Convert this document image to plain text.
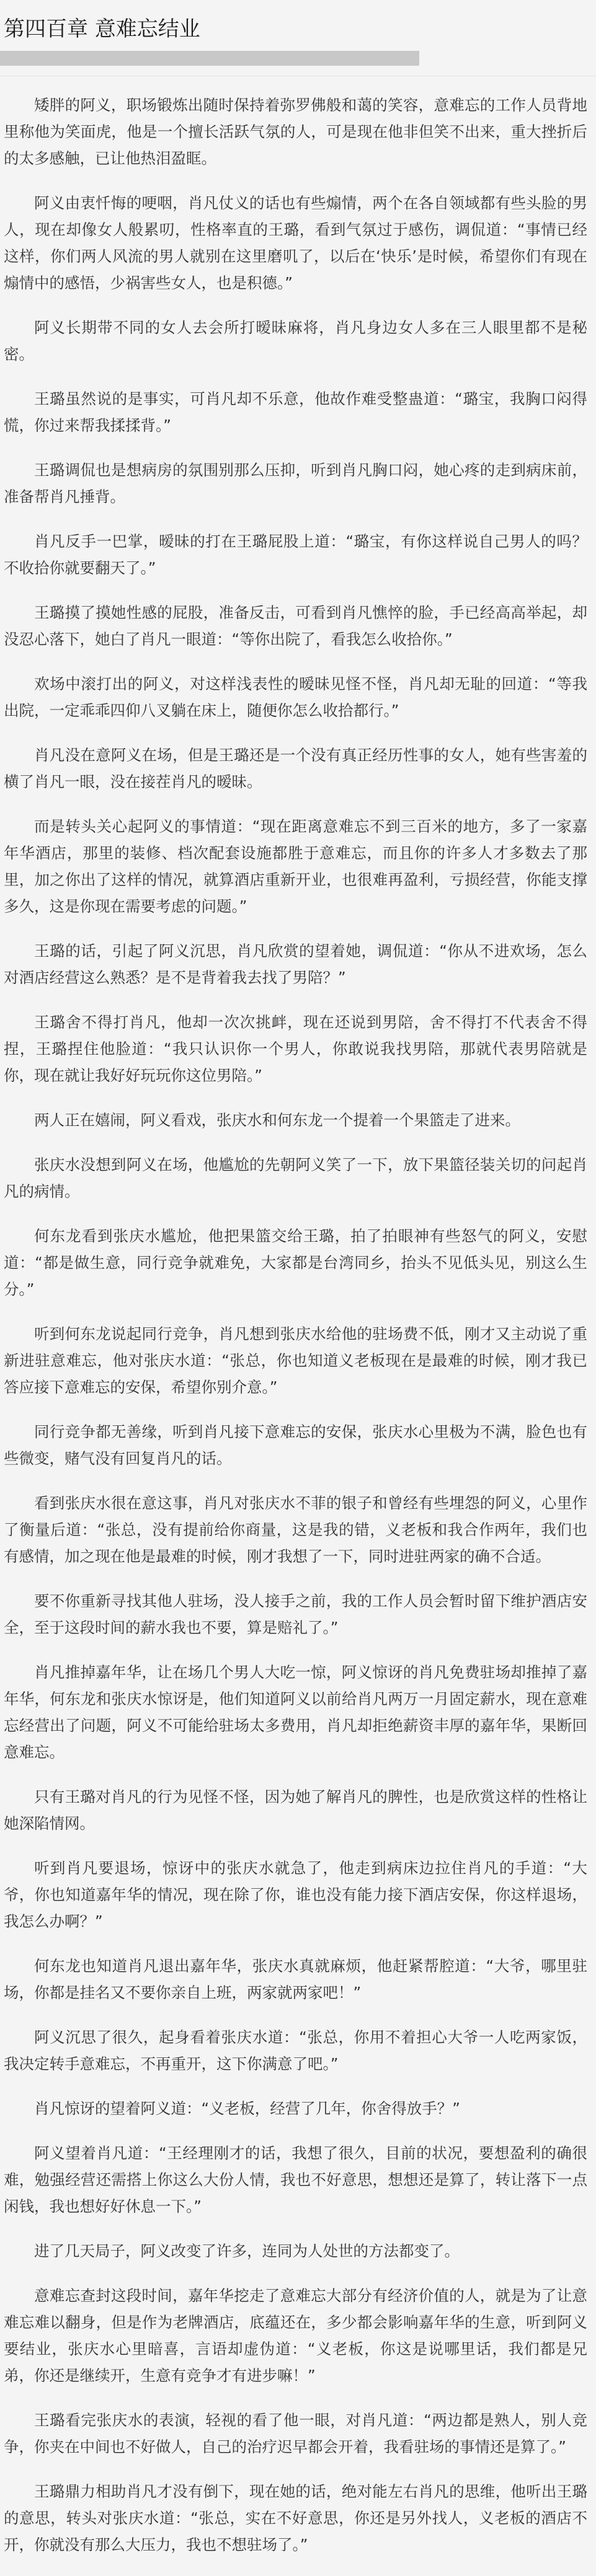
第四百章 意难忘结业

矮胖的阿义，职场锻炼出随时保持着弥罗佛般和蔼的笑容，意难忘的工作人员背地里称他为笑面虎，他是一个擅长活跃气氛的人，可是现在他非但笑不出来，重大挫折后的太多感触，已让他热泪盈眶。

阿义由衷忏悔的哽咽，肖凡仗义的话也有些煽情，两个在各自领域都有些头脸的男人，现在却像女人般累叨，性格率直的王璐，看到气氛过于感伤，调侃道：“事情已经这样，你们两人风流的男人就别在这里磨叽了，以后在‘快乐’是时候，希望你们有现在煽情中的感悟，少祸害些女人，也是积德。”

阿义长期带不同的女人去会所打暧昧麻将，肖凡身边女人多在三人眼里都不是秘密。

王璐虽然说的是事实，可肖凡却不乐意，他故作难受整蛊道：“璐宝，我胸口闷得慌，你过来帮我揉揉背。”

王璐调侃也是想病房的氛围别那么压抑，听到肖凡胸口闷，她心疼的走到病床前，准备帮肖凡捶背。

肖凡反手一巴掌，暧昧的打在王璐屁股上道：“璐宝，有你这样说自己男人的吗？不收拾你就要翻天了。”

王璐摸了摸她性感的屁股，准备反击，可看到肖凡憔悴的脸，手已经高高举起，却没忍心落下，她白了肖凡一眼道：“等你出院了，看我怎么收拾你。”

欢场中滚打出的阿义，对这样浅表性的暧昧见怪不怪，肖凡却无耻的回道：“等我出院，一定乖乖四仰八叉躺在床上，随便你怎么收拾都行。”

肖凡没在意阿义在场，但是王璐还是一个没有真正经历性事的女人，她有些害羞的横了肖凡一眼，没在接茬肖凡的暧昧。

而是转头关心起阿义的事情道：“现在距离意难忘不到三百米的地方，多了一家嘉年华酒店，那里的装修、档次配套设施都胜于意难忘，而且你的许多人才多数去了那里，加之你出了这样的情况，就算酒店重新开业，也很难再盈利，亏损经营，你能支撑多久，这是你现在需要考虑的问题。”

王璐的话，引起了阿义沉思，肖凡欣赏的望着她，调侃道：“你从不进欢场，怎么对酒店经营这么熟悉？是不是背着我去找了男陪？”

王璐舍不得打肖凡，他却一次次挑衅，现在还说到男陪，舍不得打不代表舍不得捏，王璐捏住他脸道：“我只认识你一个男人，你敢说我找男陪，那就代表男陪就是你，现在就让我好好玩玩你这位男陪。”

两人正在嬉闹，阿义看戏，张庆水和何东龙一个提着一个果篮走了进来。

张庆水没想到阿义在场，他尴尬的先朝阿义笑了一下，放下果篮径装关切的问起肖凡的病情。

何东龙看到张庆水尴尬，他把果篮交给王璐，拍了拍眼神有些怒气的阿义，安慰道：“都是做生意，同行竞争就难免，大家都是台湾同乡，抬头不见低头见，别这么生分。”

听到何东龙说起同行竞争，肖凡想到张庆水给他的驻场费不低，刚才又主动说了重新进驻意难忘，他对张庆水道：“张总，你也知道义老板现在是最难的时候，刚才我已答应接下意难忘的安保，希望你别介意。”

同行竞争都无善缘，听到肖凡接下意难忘的安保，张庆水心里极为不满，脸色也有些微变，赌气没有回复肖凡的话。

看到张庆水很在意这事，肖凡对张庆水不菲的银子和曾经有些埋怨的阿义，心里作了衡量后道：“张总，没有提前给你商量，这是我的错，义老板和我合作两年，我们也有感情，加之现在他是最难的时候，刚才我想了一下，同时进驻两家的确不合适。

要不你重新寻找其他人驻场，没人接手之前，我的工作人员会暂时留下维护酒店安全，至于这段时间的薪水我也不要，算是赔礼了。”

肖凡推掉嘉年华，让在场几个男人大吃一惊，阿义惊讶的肖凡免费驻场却推掉了嘉年华，何东龙和张庆水惊讶是，他们知道阿义以前给肖凡两万一月固定薪水，现在意难忘经营出了问题，阿义不可能给驻场太多费用，肖凡却拒绝薪资丰厚的嘉年华，果断回意难忘。

只有王璐对肖凡的行为见怪不怪，因为她了解肖凡的脾性，也是欣赏这样的性格让她深陷情网。

听到肖凡要退场，惊讶中的张庆水就急了，他走到病床边拉住肖凡的手道：“大爷，你也知道嘉年华的情况，现在除了你，谁也没有能力接下酒店安保，你这样退场，我怎么办啊？”

何东龙也知道肖凡退出嘉年华，张庆水真就麻烦，他赶紧帮腔道：“大爷，哪里驻场，你都是挂名又不要你亲自上班，两家就两家吧！”

阿义沉思了很久，起身看着张庆水道：“张总，你用不着担心大爷一人吃两家饭，我决定转手意难忘，不再重开，这下你满意了吧。”

肖凡惊讶的望着阿义道：“义老板，经营了几年，你舍得放手？”

阿义望着肖凡道：“王经理刚才的话，我想了很久，目前的状况，要想盈利的确很难，勉强经营还需搭上你这么大份人情，我也不好意思，想想还是算了，转让落下一点闲钱，我也想好好休息一下。”

进了几天局子，阿义改变了许多，连同为人处世的方法都变了。

意难忘查封这段时间，嘉年华挖走了意难忘大部分有经济价值的人，就是为了让意难忘难以翻身，但是作为老牌酒店，底蕴还在，多少都会影响嘉年华的生意，听到阿义要结业，张庆水心里暗喜，言语却虚伪道：“义老板，你这是说哪里话，我们都是兄弟，你还是继续开，生意有竞争才有进步嘛！”

王璐看完张庆水的表演，轻视的看了他一眼，对肖凡道：“两边都是熟人，别人竞争，你夹在中间也不好做人，自己的治疗迟早都会开着，我看驻场的事情还是算了。”

王璐鼎力相助肖凡才没有倒下，现在她的话，绝对能左右肖凡的思维，他听出王璐的意思，转头对张庆水道：“张总，实在不好意思，你还是另外找人，义老板的酒店不开，你就没有那么大压力，我也不想驻场了。”
